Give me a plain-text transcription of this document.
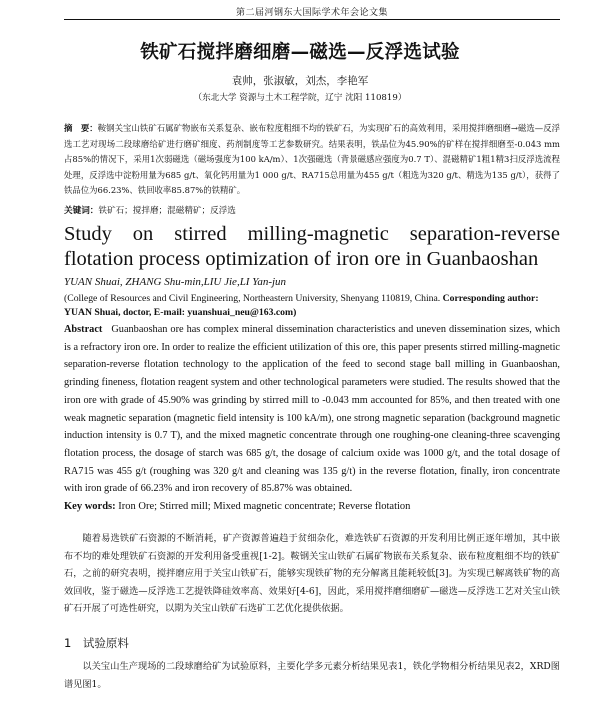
第二届河钢东大国际学术年会论文集
铁矿石搅拌磨细磨—磁选—反浮选试验
袁帅，张淑敏，刘杰，李艳军
（东北大学 资源与土木工程学院，辽宁 沈阳 110819）
摘　要：鞍钢关宝山铁矿石属矿物嵌布关系复杂、嵌布粒度粗细不均的铁矿石，为实现矿石的高效利用，采用搅拌磨细磨→磁选—反浮选工艺对现场二段球磨给矿进行磨矿细度、药剂制度等工艺参数研究。结果表明，铁品位为45.90%的矿样在搅拌细磨至-0.043 mm占85%的情况下，采用1次弱磁选（磁场强度为100 kA/m）、1次强磁选（背景磁感应强度为0.7 T）、混磁精矿1粗1精3扫反浮选流程处理，反浮选中淀粉用量为685 g/t、氧化钙用量为1 000 g/t、RA715总用量为455 g/t（粗选为320 g/t、精选为135 g/t），获得了铁品位为66.23%、铁回收率85.87%的铁精矿。
关键词：铁矿石；搅拌磨；混磁精矿；反浮选
Study on stirred milling-magnetic separation-reverse flotation process optimization of iron ore in Guanbaoshan
YUAN Shuai, ZHANG Shu-min,LIU Jie,LI Yan-jun
(College of Resources and Civil Engineering, Northeastern University, Shenyang 110819, China. Corresponding author: YUAN Shuai, doctor, E-mail: yuanshuai_neu@163.com)
Abstract Guanbaoshan ore has complex mineral dissemination characteristics and uneven dissemination sizes, which is a refractory iron ore. In order to realize the efficient utilization of this ore, this paper presents stirred milling-magnetic separation-reverse flotation technology to the application of the feed to second stage ball milling in Guanbaoshan, grinding fineness, flotation reagent system and other technological parameters were studied. The results showed that the iron ore with grade of 45.90% was grinding by stirred mill to -0.043 mm accounted for 85%, and then treated with one weak magnetic separation (magnetic field intensity is 100 kA/m), one strong magnetic separation (background magnetic induction intensity is 0.7 T), and the mixed magnetic concentrate through one roughing-one cleaning-three scavenging flotation process, the dosage of starch was 685 g/t, the dosage of calcium oxide was 1000 g/t, and the total dosage of RA715 was 455 g/t (roughing was 320 g/t and cleaning was 135 g/t) in the reverse flotation, finally, iron concentrate with iron grade of 66.23% and iron recovery of 85.87% was obtained.
Key words: Iron Ore; Stirred mill; Mixed magnetic concentrate; Reverse flotation
随着易选铁矿石资源的不断消耗，矿产资源普遍趋于贫细杂化，难选铁矿石资源的开发利用比例正逐年增加，其中嵌布不均的难处理铁矿石资源的开发利用备受重视[1-2]。鞍钢关宝山铁矿石属矿物嵌布关系复杂、嵌布粒度粗细不均的铁矿石，之前的研究表明，搅拌磨应用于关宝山铁矿石，能够实现铁矿物的充分解离且能耗较低[3]。为实现已解离铁矿物的高效回收，鉴于磁选—反浮选工艺提铁降硅效率高、效果好[4-6]，因此，采用搅拌磨细磨矿—磁选—反浮选工艺对关宝山铁矿石开展了可选性研究，以期为关宝山铁矿石选矿工艺优化提供依据。
1　试验原料
以关宝山生产现场的二段球磨给矿为试验原料，主要化学多元素分析结果见表1，铁化学物相分析结果见表2，XRD图谱见图1。
